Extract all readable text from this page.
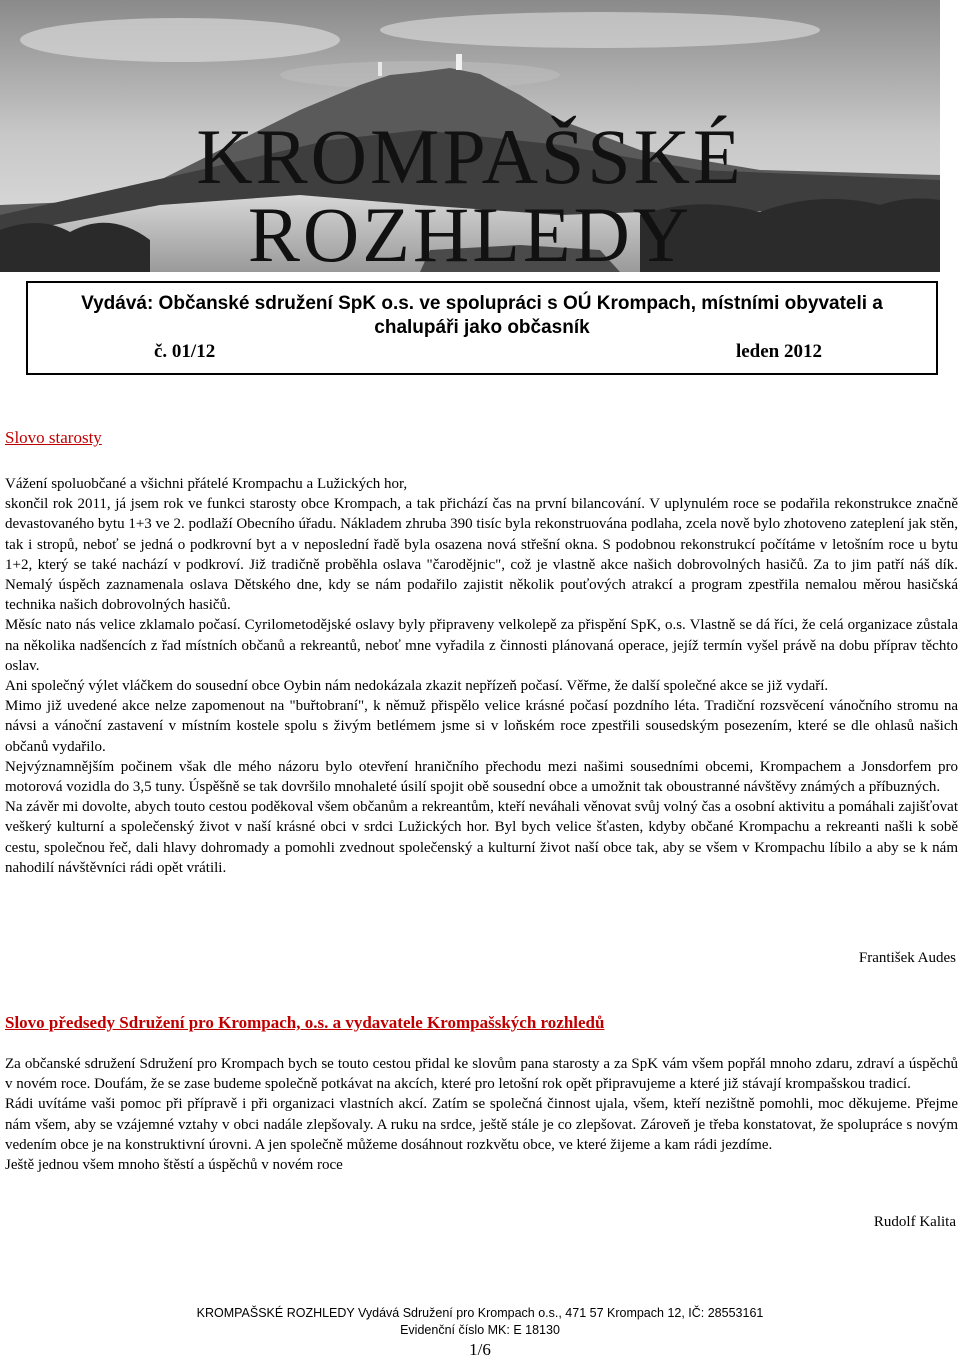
KROMPAŠSKÉ ROZHLEDY
Vydává: Občanské sdružení SpK o.s. ve spolupráci s OÚ Krompach, místními obyvateli a
chalupáři jako občasník
č. 01/12	leden 2012
Slovo starosty

Vážení spoluobčané a všichni přátelé Krompachu a Lužických hor,

skončil rok 2011, já jsem rok ve funkci starosty obce Krompach, a tak přichází čas na první bilancování. V uplynulém roce se podařila rekonstrukce značně devastovaného bytu 1+3 ve 2. podlaží Obecního úřadu. Nákladem zhruba 390 tisíc byla rekonstruována podlaha, zcela nově bylo zhotoveno zateplení jak stěn, tak i stropů, neboť se jedná o podkrovní byt a v neposlední řadě byla osazena nová střešní okna. S podobnou rekonstrukcí počítáme v letošním roce u bytu 1+2, který se také nachází v podkroví. Již tradičně proběhla oslava "čarodějnic", což je vlastně akce našich dobrovolných hasičů. Za to jim patří náš dík. Nemalý úspěch zaznamenala oslava Dětského dne, kdy se nám podařilo zajistit několik pouťových atrakcí a program zpestřila nemalou měrou hasičská technika našich dobrovolných hasičů.

Měsíc nato nás velice zklamalo počasí. Cyrilometodějské oslavy byly připraveny velkolepě za přispění SpK, o.s. Vlastně se dá říci, že celá organizace zůstala na několika nadšencích z řad místních občanů a rekreantů, neboť mne vyřadila z činnosti plánovaná operace, jejíž termín vyšel právě na dobu příprav těchto oslav.

Ani společný výlet vláčkem do sousední obce Oybin nám nedokázala zkazit nepřízeň počasí. Věřme, že další společné akce se již vydaří.

Mimo již uvedené akce nelze zapomenout na "buřtobraní", k němuž přispělo velice krásné počasí pozdního léta. Tradiční rozsvěcení vánočního stromu na návsi a vánoční zastavení v místním kostele spolu s živým betlémem jsme si v loňském roce zpestřili sousedským posezením, které se dle ohlasů našich občanů vydařilo.

Nejvýznamnějším počinem však dle mého názoru bylo otevření hraničního přechodu mezi našimi sousedními obcemi, Krompachem a Jonsdorfem pro motorová vozidla do 3,5 tuny. Úspěšně se tak dovršilo mnohaleté úsilí spojit obě sousední obce a umožnit tak oboustranné návštěvy známých a příbuzných.

Na závěr mi dovolte, abych touto cestou poděkoval všem občanům a rekreantům, kteří neváhali věnovat svůj volný čas a osobní aktivitu a pomáhali zajišťovat veškerý kulturní a společenský život v naší krásné obci v srdci Lužických hor. Byl bych velice šťasten, kdyby občané Krompachu a rekreanti našli k sobě cestu, společnou řeč, dali hlavy dohromady a pomohli zvednout společenský a kulturní život naší obce tak, aby se všem v Krompachu líbilo a aby se k nám nahodilí návštěvníci rádi opět vrátili.

František Audes
Slovo předsedy Sdružení pro Krompach, o.s. a vydavatele Krompašských rozhledů

Za občanské sdružení Sdružení pro Krompach bych se touto cestou přidal ke slovům pana starosty a za SpK vám všem popřál mnoho zdaru, zdraví a úspěchů v novém roce. Doufám, že se zase budeme společně potkávat na akcích, které pro letošní rok opět připravujeme a které již stávají krompašskou tradicí.

Rádi uvítáme vaši pomoc při přípravě i při organizaci vlastních akcí. Zatím se společná činnost ujala, všem, kteří nezištně pomohli, moc děkujeme. Přejme nám všem, aby se vzájemné vztahy v obci nadále zlepšovaly. A ruku na srdce, ještě stále je co zlepšovat. Zároveň je třeba konstatovat, že spolupráce s novým vedením obce je na konstruktivní úrovni. A jen společně můžeme dosáhnout rozkvětu obce, ve které žijeme a kam rádi jezdíme.

Ještě jednou všem mnoho štěstí a úspěchů v novém roce

Rudolf Kalita
KROMPAŠSKÉ ROZHLEDY Vydává Sdružení pro Krompach o.s., 471 57 Krompach 12, IČ: 28553161
Evidenční číslo MK: E 18130
1/6
